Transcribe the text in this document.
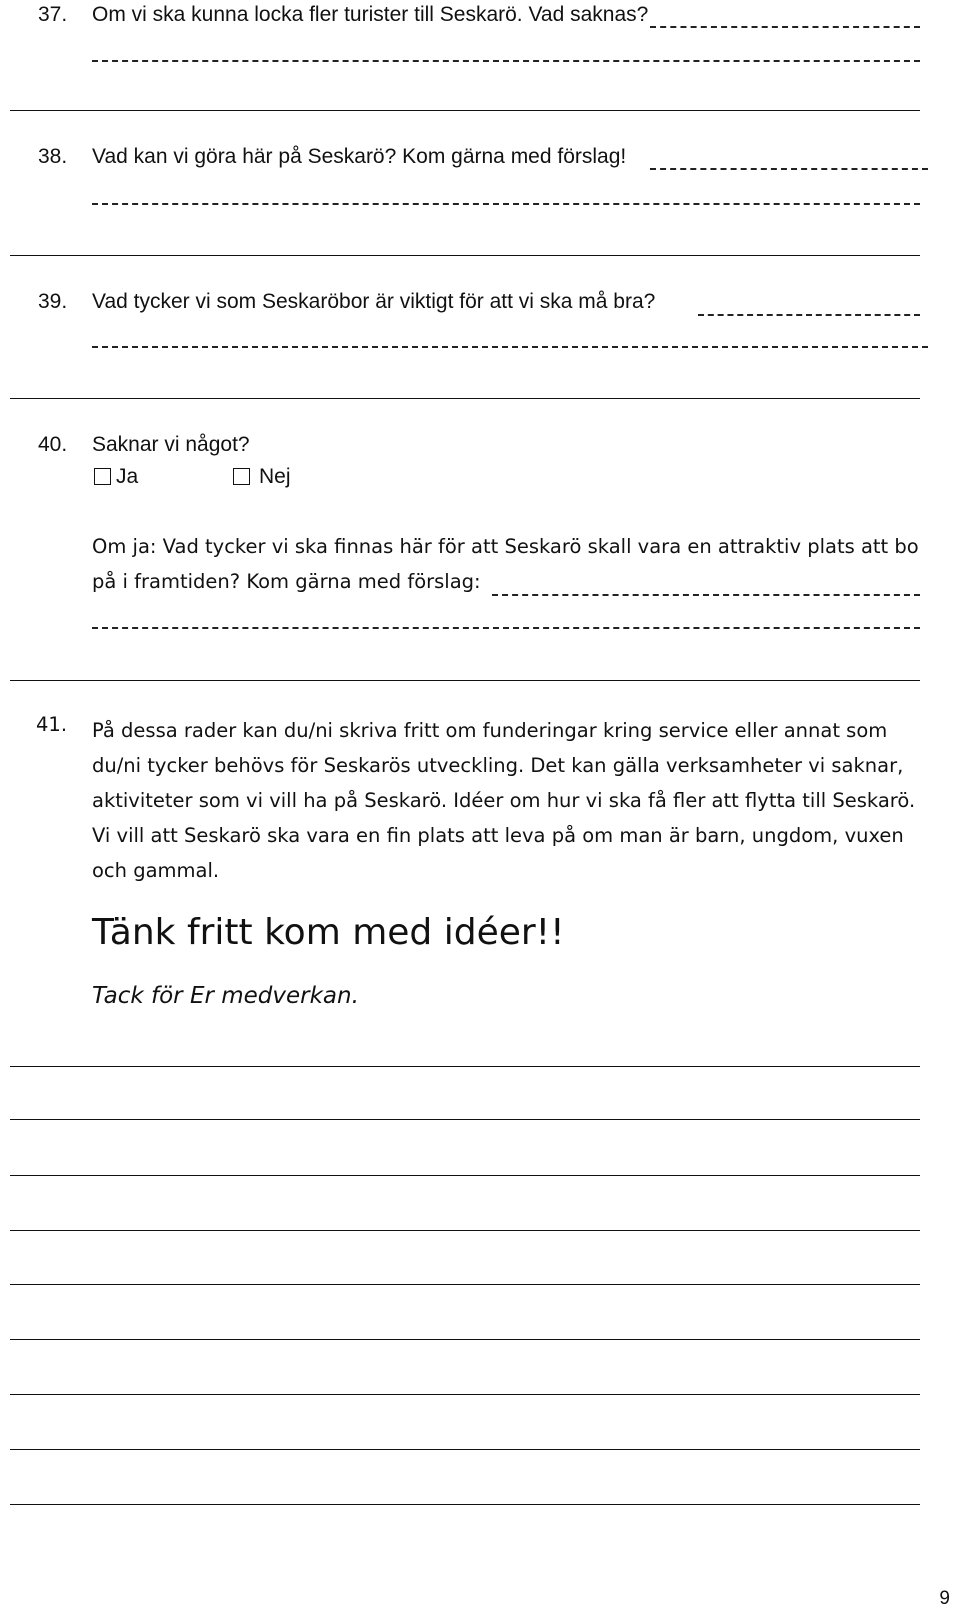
37. Om vi ska kunna locka fler turister till Seskarö. Vad saknas?
38. Vad kan vi göra här på Seskarö? Kom gärna med förslag!
39. Vad tycker vi som Seskaröbor är viktigt för att vi ska må bra?
40. Saknar vi något?
Ja	Nej
Om ja: Vad tycker vi ska finnas här för att Seskarö skall vara en attraktiv plats att bo
på i framtiden? Kom gärna med förslag:
41. På dessa rader kan du/ni skriva fritt om funderingar kring service eller annat som du/ni tycker behövs för Seskarös utveckling. Det kan gälla verksamheter vi saknar, aktiviteter som vi vill ha på Seskarö. Idéer om hur vi ska få fler att flytta till Seskarö. Vi vill att Seskarö ska vara en fin plats att leva på om man är barn, ungdom, vuxen och gammal.
Tänk fritt kom med idéer!!
Tack för Er medverkan.
9
